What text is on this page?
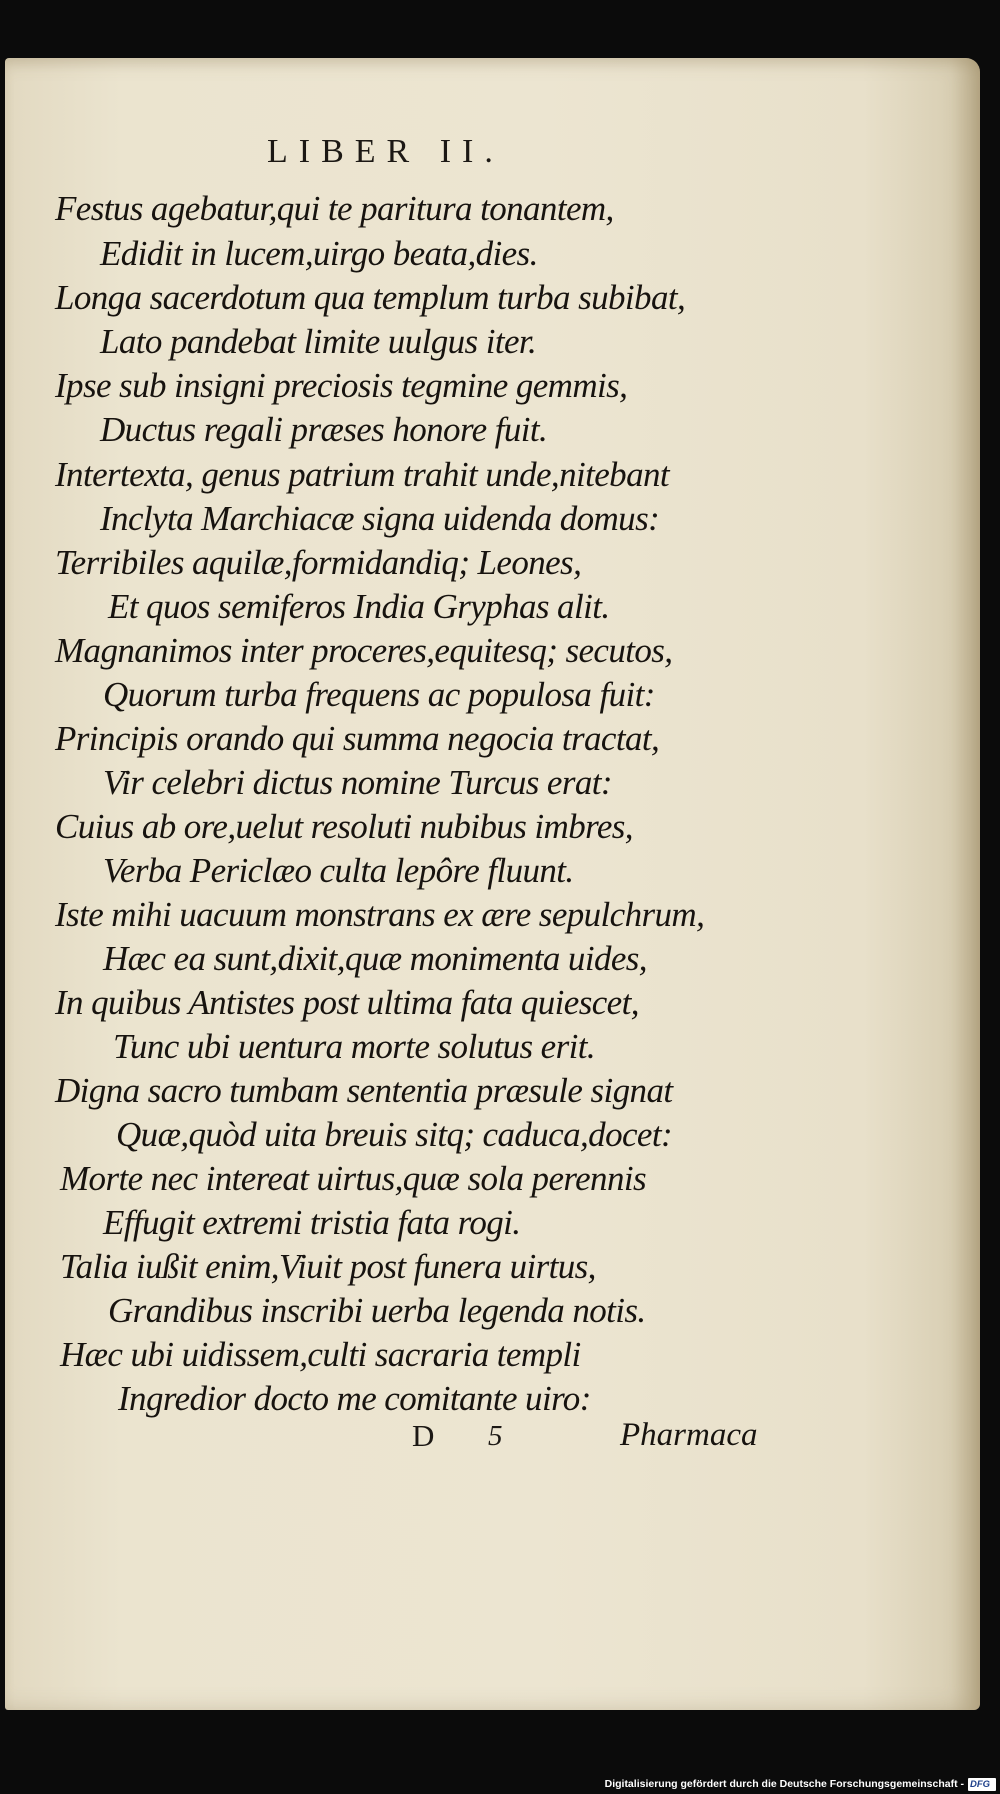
LIBER II.
Festus agebatur,qui te paritura tonantem,
Edidit in lucem,uirgo beata,dies.
Longa sacerdotum qua templum turba subibat,
Lato pandebat limite uulgus iter.
Ipse sub insigni preciosis tegmine gemmis,
Ductus regali præses honore fuit.
Intertexta, genus patrium trahit unde,nitebant
Inclyta Marchiacæ signa uidenda domus:
Terribiles aquilæ,formidandiq; Leones,
Et quos semiferos India Gryphas alit.
Magnanimos inter proceres,equitesq; secutos,
Quorum turba frequens ac populosa fuit:
Principis orando qui summa negocia tractat,
Vir celebri dictus nomine Turcus erat:
Cuius ab ore,uelut resoluti nubibus imbres,
Verba Periclæo culta lepôre fluunt.
Iste mihi uacuum monstrans ex ære sepulchrum,
Hæc ea sunt,dixit,quæ monimenta uides,
In quibus Antistes post ultima fata quiescet,
Tunc ubi uentura morte solutus erit.
Digna sacro tumbam sententia præsule signat
Quæ,quòd uita breuis sitq; caduca,docet:
Morte nec intereat uirtus,quæ sola perennis
Effugit extremi tristia fata rogi.
Talia iußit enim,Viuit post funera uirtus,
Grandibus inscribi uerba legenda notis.
Hæc ubi uidissem,culti sacraria templi
Ingredior docto me comitante uiro:
D 5	Pharmaca
Digitalisierung gefördert durch die Deutsche Forschungsgemeinschaft - DFG
